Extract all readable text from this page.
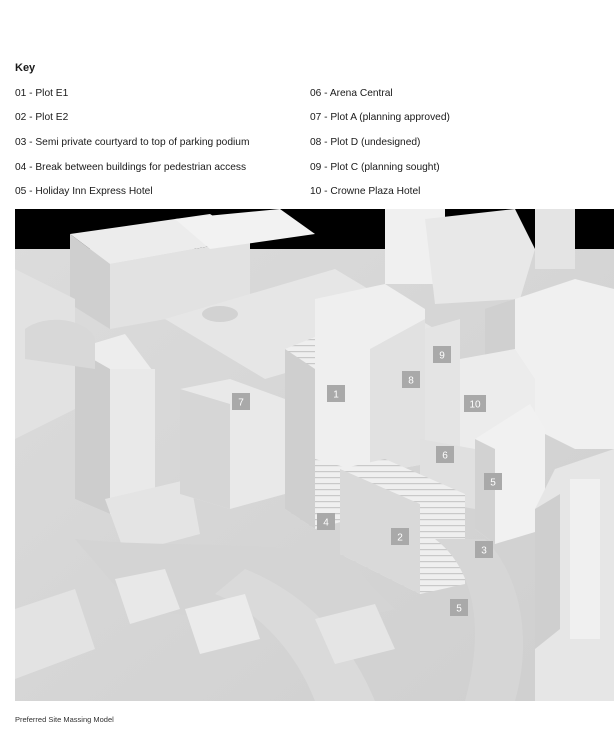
Key
01 - Plot E1
02 - Plot E2
03 - Semi private courtyard to top of parking podium
04 - Break between buildings for pedestrian access
05 - Holiday Inn Express Hotel
06 - Arena Central
07 - Plot A (planning approved)
08 - Plot D (undesigned)
09 - Plot C (planning sought)
10 - Crowne Plaza Hotel
1
2
3
4
5
5
6
7
8
9
10
Preferred Site Massing Model
